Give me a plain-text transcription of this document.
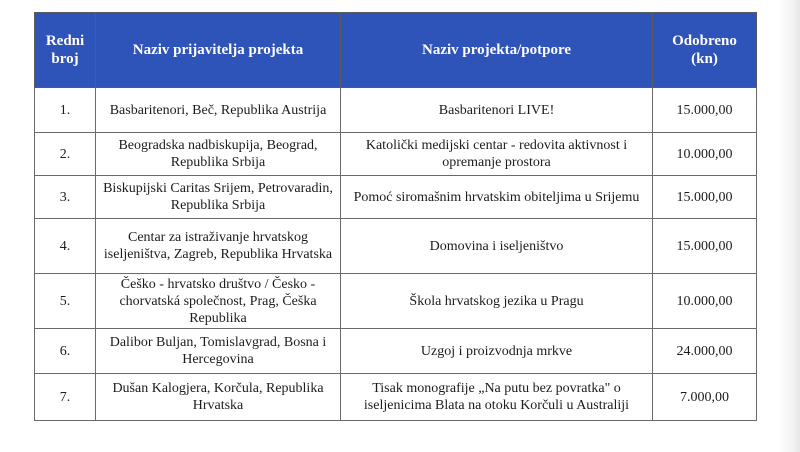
Redni broj	Naziv prijavitelja projekta	Naziv projekta/potpore	Odobreno (kn)
1.	Basbaritenori, Beč, Republika Austrija	Basbaritenori LIVE!	15.000,00
2.	Beogradska nadbiskupija, Beograd, Republika Srbija	Katolički medijski centar - redovita aktivnost i opremanje prostora	10.000,00
3.	Biskupijski Caritas Srijem, Petrovaradin, Republika Srbija	Pomoć siromašnim hrvatskim obiteljima u Srijemu	15.000,00
4.	Centar za istraživanje hrvatskog iseljeništva, Zagreb, Republika Hrvatska	Domovina i iseljeništvo	15.000,00
5.	Češko - hrvatsko društvo / Česko - chorvatská společnost, Prag, Češka Republika	Škola hrvatskog jezika u Pragu	10.000,00
6.	Dalibor Buljan, Tomislavgrad, Bosna i Hercegovina	Uzgoj i proizvodnja mrkve	24.000,00
7.	Dušan Kalogjera, Korčula, Republika Hrvatska	Tisak monografije „Na putu bez povratka" o iseljenicima Blata na otoku Korčuli u Australiji	7.000,00
